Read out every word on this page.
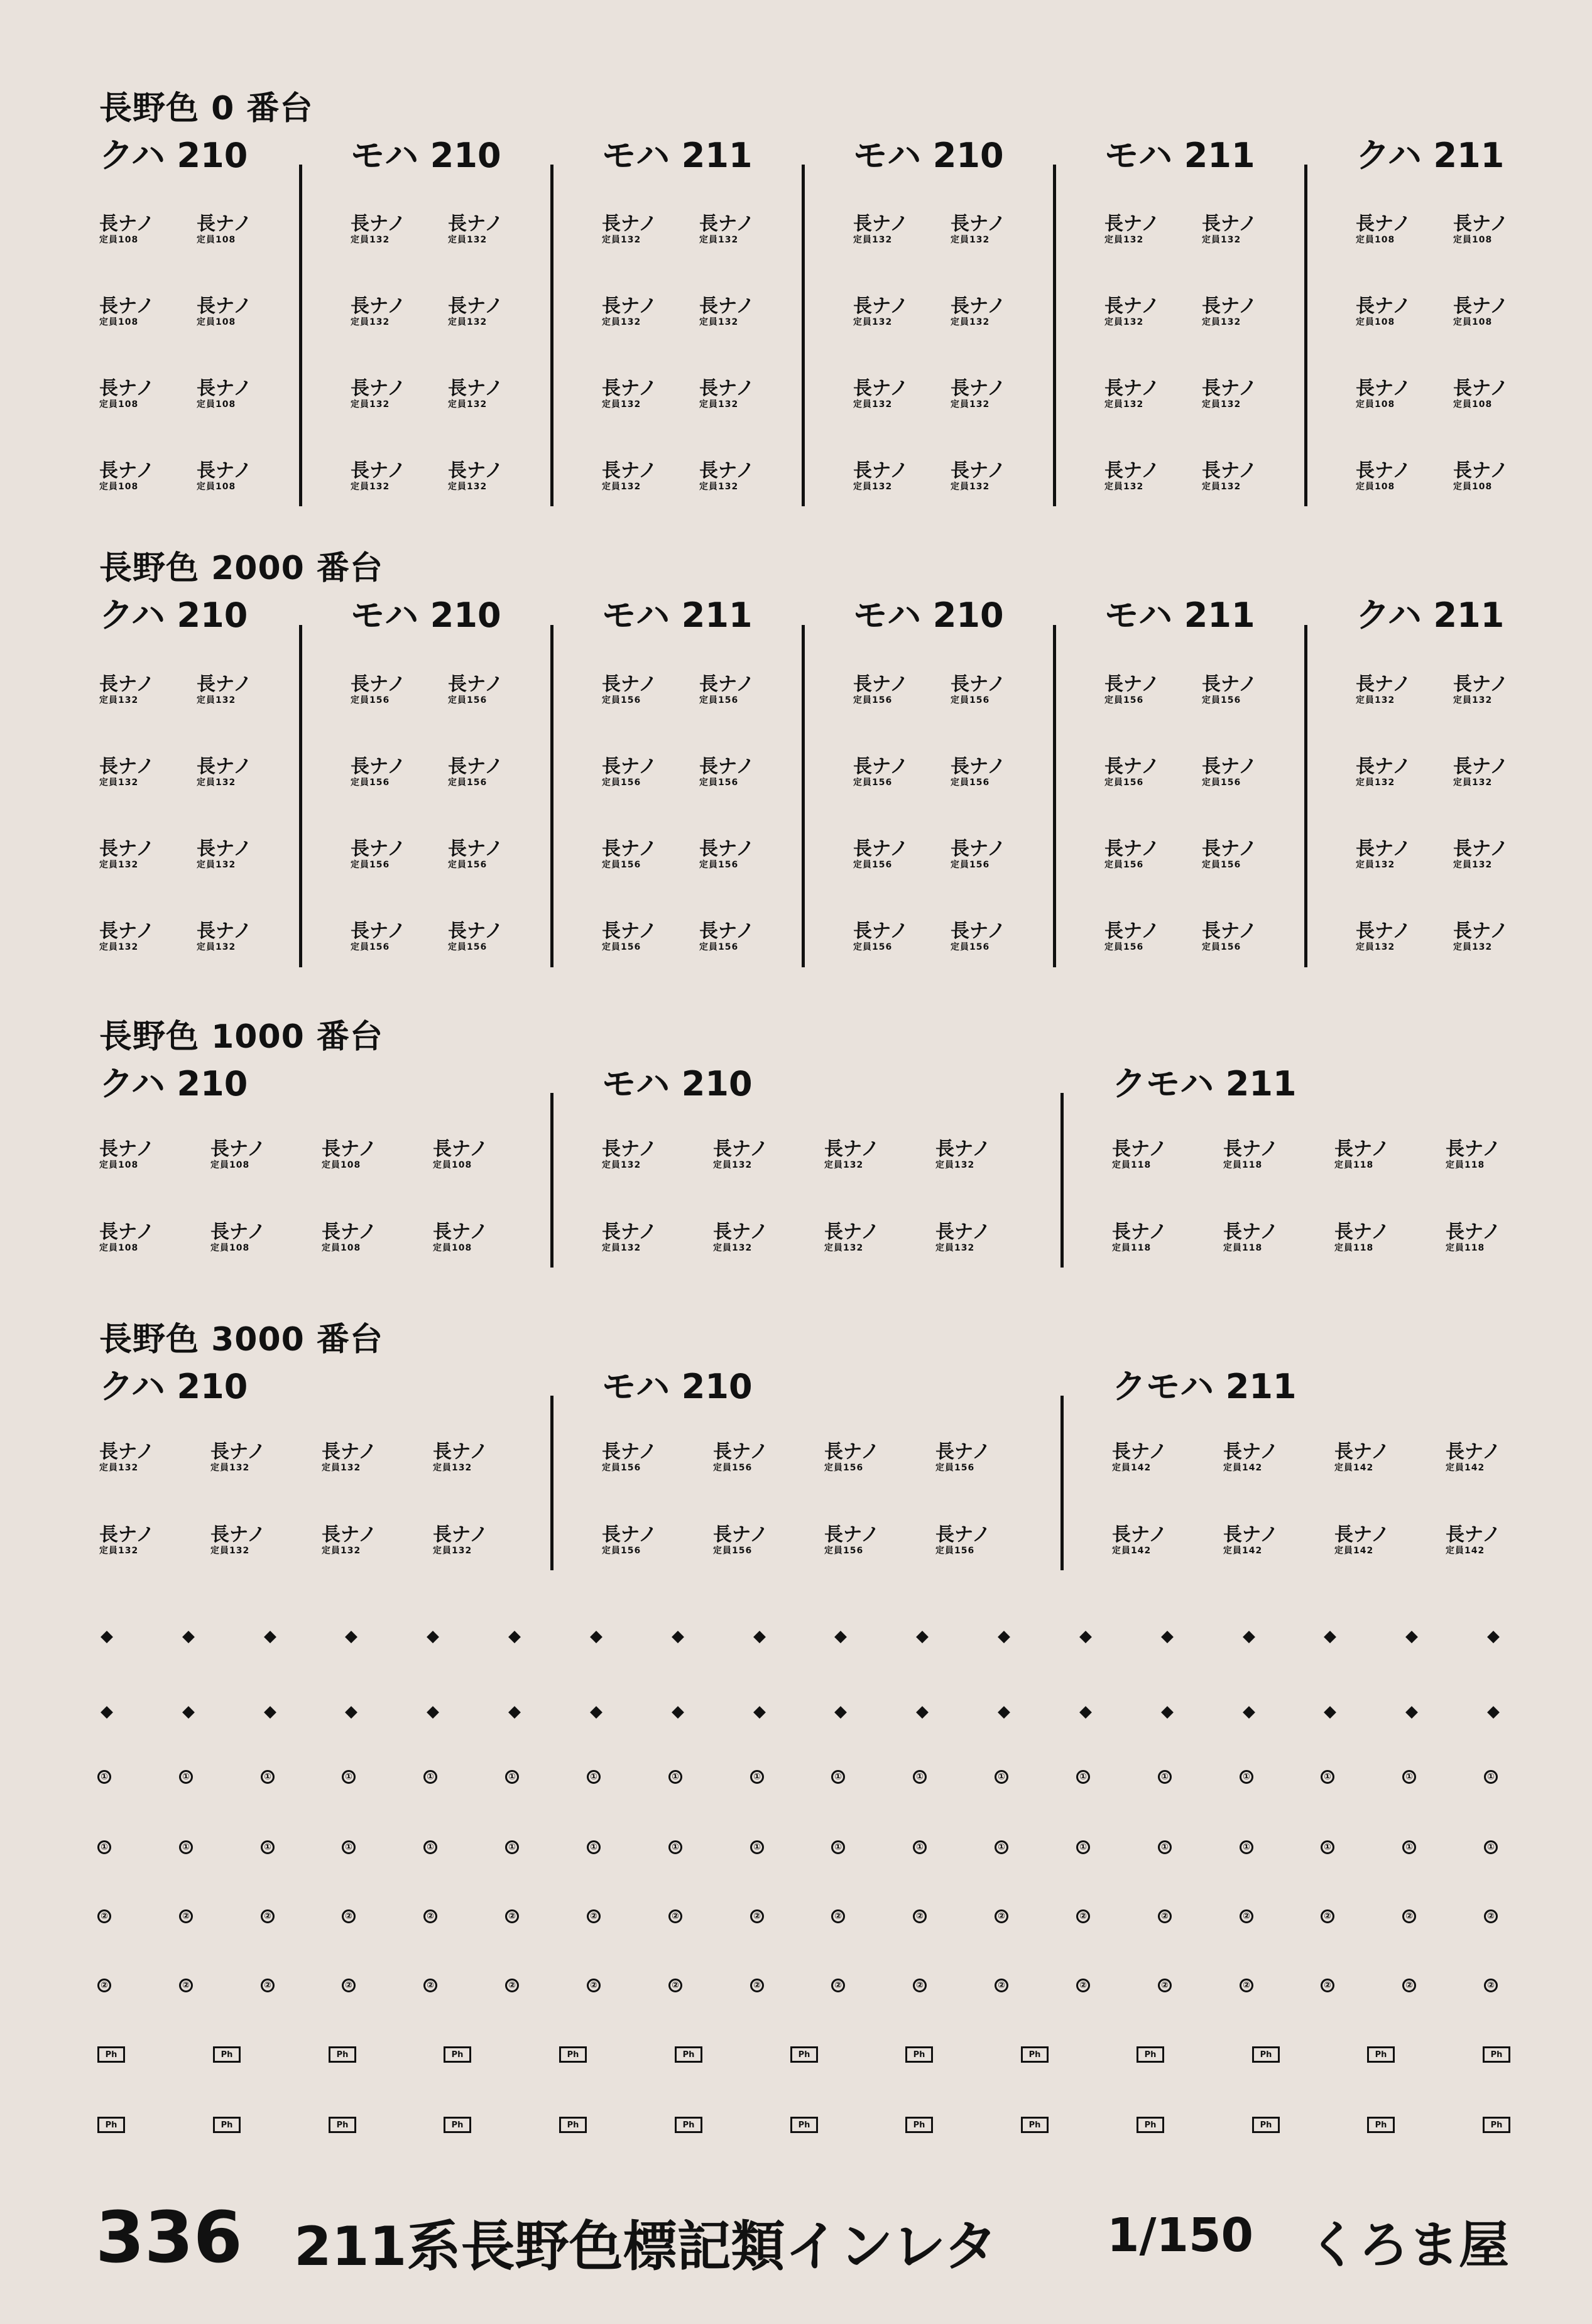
長野色 0 番台
クハ 210
長ナノ
定員108
長ナノ
定員108
長ナノ
定員108
長ナノ
定員108
長ナノ
定員108
長ナノ
定員108
長ナノ
定員108
長ナノ
定員108
モハ 210
長ナノ
定員132
長ナノ
定員132
長ナノ
定員132
長ナノ
定員132
長ナノ
定員132
長ナノ
定員132
長ナノ
定員132
長ナノ
定員132
モハ 211
長ナノ
定員132
長ナノ
定員132
長ナノ
定員132
長ナノ
定員132
長ナノ
定員132
長ナノ
定員132
長ナノ
定員132
長ナノ
定員132
モハ 210
長ナノ
定員132
長ナノ
定員132
長ナノ
定員132
長ナノ
定員132
長ナノ
定員132
長ナノ
定員132
長ナノ
定員132
長ナノ
定員132
モハ 211
長ナノ
定員132
長ナノ
定員132
長ナノ
定員132
長ナノ
定員132
長ナノ
定員132
長ナノ
定員132
長ナノ
定員132
長ナノ
定員132
クハ 211
長ナノ
定員108
長ナノ
定員108
長ナノ
定員108
長ナノ
定員108
長ナノ
定員108
長ナノ
定員108
長ナノ
定員108
長ナノ
定員108
長野色 2000 番台
クハ 210
長ナノ
定員132
長ナノ
定員132
長ナノ
定員132
長ナノ
定員132
長ナノ
定員132
長ナノ
定員132
長ナノ
定員132
長ナノ
定員132
モハ 210
長ナノ
定員156
長ナノ
定員156
長ナノ
定員156
長ナノ
定員156
長ナノ
定員156
長ナノ
定員156
長ナノ
定員156
長ナノ
定員156
モハ 211
長ナノ
定員156
長ナノ
定員156
長ナノ
定員156
長ナノ
定員156
長ナノ
定員156
長ナノ
定員156
長ナノ
定員156
長ナノ
定員156
モハ 210
長ナノ
定員156
長ナノ
定員156
長ナノ
定員156
長ナノ
定員156
長ナノ
定員156
長ナノ
定員156
長ナノ
定員156
長ナノ
定員156
モハ 211
長ナノ
定員156
長ナノ
定員156
長ナノ
定員156
長ナノ
定員156
長ナノ
定員156
長ナノ
定員156
長ナノ
定員156
長ナノ
定員156
クハ 211
長ナノ
定員132
長ナノ
定員132
長ナノ
定員132
長ナノ
定員132
長ナノ
定員132
長ナノ
定員132
長ナノ
定員132
長ナノ
定員132
長野色 1000 番台
クハ 210
長ナノ
定員108
長ナノ
定員108
長ナノ
定員108
長ナノ
定員108
長ナノ
定員108
長ナノ
定員108
長ナノ
定員108
長ナノ
定員108
モハ 210
長ナノ
定員132
長ナノ
定員132
長ナノ
定員132
長ナノ
定員132
長ナノ
定員132
長ナノ
定員132
長ナノ
定員132
長ナノ
定員132
クモハ 211
長ナノ
定員118
長ナノ
定員118
長ナノ
定員118
長ナノ
定員118
長ナノ
定員118
長ナノ
定員118
長ナノ
定員118
長ナノ
定員118
長野色 3000 番台
クハ 210
長ナノ
定員132
長ナノ
定員132
長ナノ
定員132
長ナノ
定員132
長ナノ
定員132
長ナノ
定員132
長ナノ
定員132
長ナノ
定員132
モハ 210
長ナノ
定員156
長ナノ
定員156
長ナノ
定員156
長ナノ
定員156
長ナノ
定員156
長ナノ
定員156
長ナノ
定員156
長ナノ
定員156
クモハ 211
長ナノ
定員142
長ナノ
定員142
長ナノ
定員142
長ナノ
定員142
長ナノ
定員142
長ナノ
定員142
長ナノ
定員142
長ナノ
定員142
◆	◆	◆	◆	◆	◆	◆	◆	◆	◆	◆	◆	◆	◆	◆	◆	◆	◆
◆	◆	◆	◆	◆	◆	◆	◆	◆	◆	◆	◆	◆	◆	◆	◆	◆	◆
①	①	①	①	①	①	①	①	①	①	①	①	①	①	①	①	①	①
①	①	①	①	①	①	①	①	①	①	①	①	①	①	①	①	①	①
②	②	②	②	②	②	②	②	②	②	②	②	②	②	②	②	②	②
②	②	②	②	②	②	②	②	②	②	②	②	②	②	②	②	②	②
Ph	Ph	Ph	Ph	Ph	Ph	Ph	Ph	Ph	Ph	Ph	Ph	Ph
Ph	Ph	Ph	Ph	Ph	Ph	Ph	Ph	Ph	Ph	Ph	Ph	Ph
336 211系長野色標記類インレタ 1/150 くろま屋
